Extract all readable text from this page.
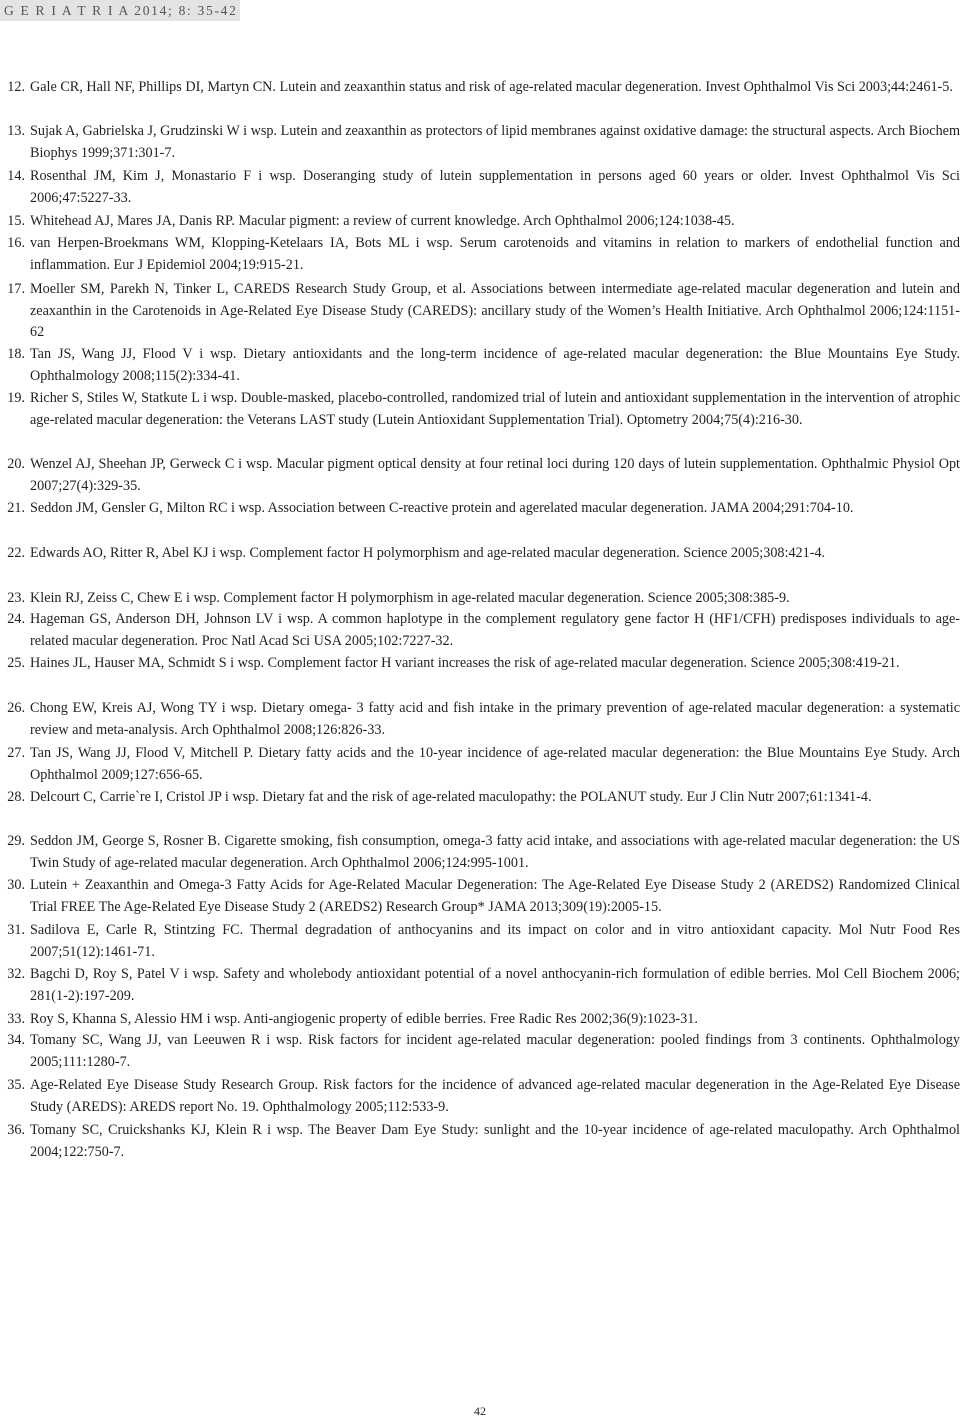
G E R I A T R I A 2014; 8: 35-42
12. Gale CR, Hall NF, Phillips DI, Martyn CN. Lutein and zeaxanthin status and risk of age-related macular degeneration. Invest Ophthalmol Vis Sci 2003;44:2461-5.
13. Sujak A, Gabrielska J, Grudzinski W i wsp. Lutein and zeaxanthin as protectors of lipid membranes against oxidative damage: the structural aspects. Arch Biochem Biophys 1999;371:301-7.
14. Rosenthal JM, Kim J, Monastario F i wsp. Doseranging study of lutein supplementation in persons aged 60 years or older. Invest Ophthalmol Vis Sci 2006;47:5227-33.
15. Whitehead AJ, Mares JA, Danis RP. Macular pigment: a review of current knowledge. Arch Ophthalmol 2006;124:1038-45.
16. van Herpen-Broekmans WM, Klopping-Ketelaars IA, Bots ML i wsp. Serum carotenoids and vitamins in relation to markers of endothelial function and inflammation. Eur J Epidemiol 2004;19:915-21.
17. Moeller SM, Parekh N, Tinker L, CAREDS Research Study Group, et al. Associations between intermediate age-related macular degeneration and lutein and zeaxanthin in the Carotenoids in Age-Related Eye Disease Study (CAREDS): ancillary study of the Women’s Health Initiative. Arch Ophthalmol 2006;124:1151-62
18. Tan JS, Wang JJ, Flood V i wsp. Dietary antioxidants and the long-term incidence of age-related macular degeneration: the Blue Mountains Eye Study. Ophthalmology 2008;115(2):334-41.
19. Richer S, Stiles W, Statkute L i wsp. Double-masked, placebo-controlled, randomized trial of lutein and antioxidant supplementation in the intervention of atrophic age-related macular degeneration: the Veterans LAST study (Lutein Antioxidant Supplementation Trial). Optometry 2004;75(4):216-30.
20. Wenzel AJ, Sheehan JP, Gerweck C i wsp. Macular pigment optical density at four retinal loci during 120 days of lutein supplementation. Ophthalmic Physiol Opt 2007;27(4):329-35.
21. Seddon JM, Gensler G, Milton RC i wsp. Association between C-reactive protein and agerelated macular degeneration. JAMA 2004;291:704-10.
22. Edwards AO, Ritter R, Abel KJ i wsp. Complement factor H polymorphism and age-related macular degeneration. Science 2005;308:421-4.
23. Klein RJ, Zeiss C, Chew E i wsp. Complement factor H polymorphism in age-related macular degeneration. Science 2005;308:385-9.
24. Hageman GS, Anderson DH, Johnson LV i wsp. A common haplotype in the complement regulatory gene factor H (HF1/CFH) predisposes individuals to age-related macular degeneration. Proc Natl Acad Sci USA 2005;102:7227-32.
25. Haines JL, Hauser MA, Schmidt S i wsp. Complement factor H variant increases the risk of age-related macular degeneration. Science 2005;308:419-21.
26. Chong EW, Kreis AJ, Wong TY i wsp. Dietary omega- 3 fatty acid and fish intake in the primary prevention of age-related macular degeneration: a systematic review and meta-analysis. Arch Ophthalmol 2008;126:826-33.
27. Tan JS, Wang JJ, Flood V, Mitchell P. Dietary fatty acids and the 10-year incidence of age-related macular degeneration: the Blue Mountains Eye Study. Arch Ophthalmol 2009;127:656-65.
28. Delcourt C, Carrie`re I, Cristol JP i wsp. Dietary fat and the risk of age-related maculopathy: the POLANUT study. Eur J Clin Nutr 2007;61:1341-4.
29. Seddon JM, George S, Rosner B. Cigarette smoking, fish consumption, omega-3 fatty acid intake, and associations with age-related macular degeneration: the US Twin Study of age-related macular degeneration. Arch Ophthalmol 2006;124:995-1001.
30. Lutein + Zeaxanthin and Omega-3 Fatty Acids for Age-Related Macular Degeneration: The Age-Related Eye Disease Study 2 (AREDS2) Randomized Clinical Trial FREE The Age-Related Eye Disease Study 2 (AREDS2) Research Group* JAMA 2013;309(19):2005-15.
31. Sadilova E, Carle R, Stintzing FC. Thermal degradation of anthocyanins and its impact on color and in vitro antioxidant capacity. Mol Nutr Food Res 2007;51(12):1461-71.
32. Bagchi D, Roy S, Patel V i wsp. Safety and wholebody antioxidant potential of a novel anthocyanin-rich formulation of edible berries. Mol Cell Biochem 2006; 281(1-2):197-209.
33. Roy S, Khanna S, Alessio HM i wsp. Anti-angiogenic property of edible berries. Free Radic Res 2002;36(9):1023-31.
34. Tomany SC, Wang JJ, van Leeuwen R i wsp. Risk factors for incident age-related macular degeneration: pooled findings from 3 continents. Ophthalmology 2005;111:1280-7.
35. Age-Related Eye Disease Study Research Group. Risk factors for the incidence of advanced age-related macular degeneration in the Age-Related Eye Disease Study (AREDS): AREDS report No. 19. Ophthalmology 2005;112:533-9.
36. Tomany SC, Cruickshanks KJ, Klein R i wsp. The Beaver Dam Eye Study: sunlight and the 10-year incidence of age-related maculopathy. Arch Ophthalmol 2004;122:750-7.
42
